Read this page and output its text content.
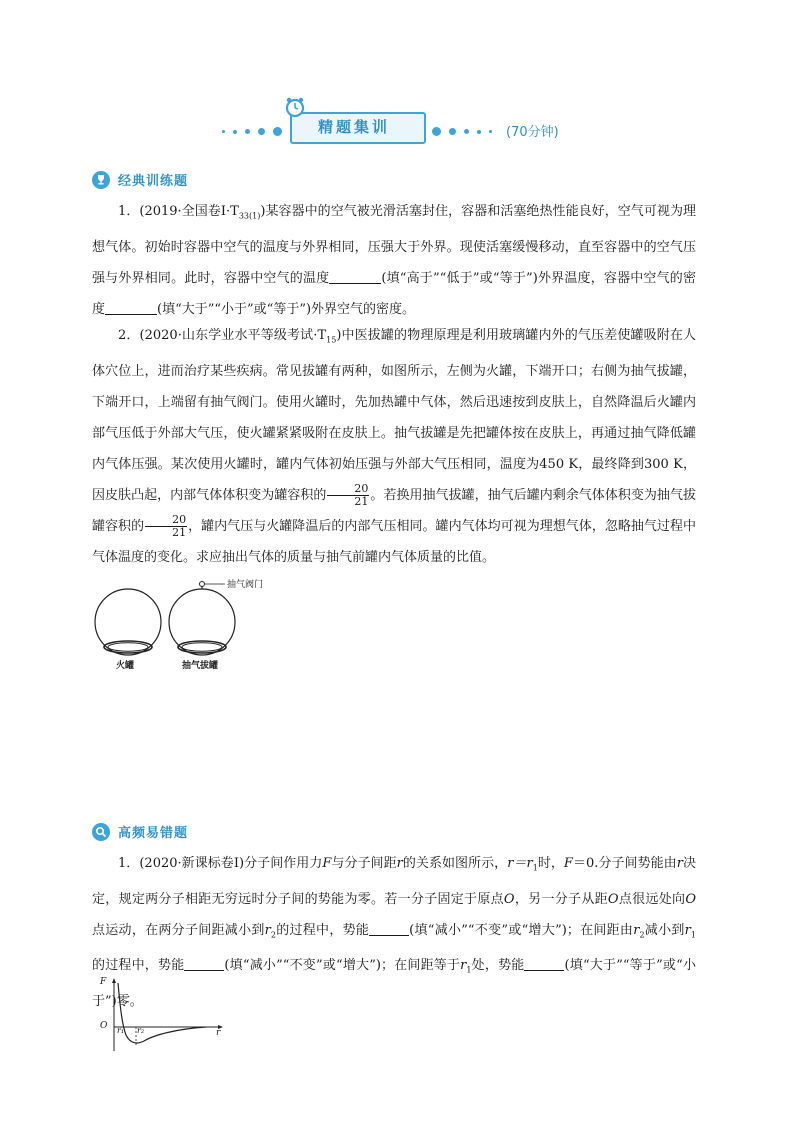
精题集训	(70分钟)
经典训练题

1．(2019·全国卷$Ⅰ\cdot T_{33(1)}$)某容器中的空气被光滑活塞封住，容器和活塞绝热性能良好，空气可视为理想气体。初始时容器中空气的温度与外界相同，压强大于外界。现使活塞缓慢移动，直至容器中的空气压强与外界相同。此时，容器中空气的温度	(填“高于”“低于”或“等于”)外界温度，容器中空气的密度	(填“大于”“小于”或“等于”)外界空气的密度。

2．(2020·山东学业水平等级考试$\cdot T_{15}$)中医拔罐的物理原理是利用玻璃罐内外的气压差使罐吸附在人体穴位上，进而治疗某些疾病。常见拔罐有两种，如图所示，左侧为火罐，下端开口；右侧为抽气拔罐，下端开口，上端留有抽气阀门。使用火罐时，先加热罐中气体，然后迅速按到皮肤上，自然降温后火罐内部气压低于外部大气压，使火罐紧紧吸附在皮肤上。抽气拔罐是先把罐体按在皮肤上，再通过抽气降低罐内气体压强。某次使用火罐时，罐内气体初始压强与外部大气压相同，温度为450 K，最终降到300 K，因皮肤凸起，内部气体体积变为罐容积的 $\frac{20}{21}$ 。若换用抽气拔罐，抽气后罐内剩余气体体积变为抽气拔罐容积的 $\frac{20}{21}$ ，罐内气压与火罐降温后的内部气压相同。罐内气体均可视为理想气体，忽略抽气过程中气体温度的变化。求应抽出气体的质量与抽气前罐内气体质量的比值。

火罐	抽气拔罐
抽气阀门
高频易错题

1．(2020·新课标卷Ⅰ)分子间作用力F与分子间距r的关系如图所示，$r=r_1$时，F＝0.分子间势能由r决定，规定两分子相距无穷远时分子间的势能为零。若一分子固定于原点O，另一分子从距O点很远处向O点运动，在两分子间距减小到$r_2$的过程中，势能	(填“减小”“不变”或“增大”)；在间距由$r_2$减小到$r_1$的过程中，势能	(填“减小”“不变”或“增大”)；在间距等于$r_1$处，势能	(填“大于”“等于”或“小于”)零。

F
r
O r₁ r₂
